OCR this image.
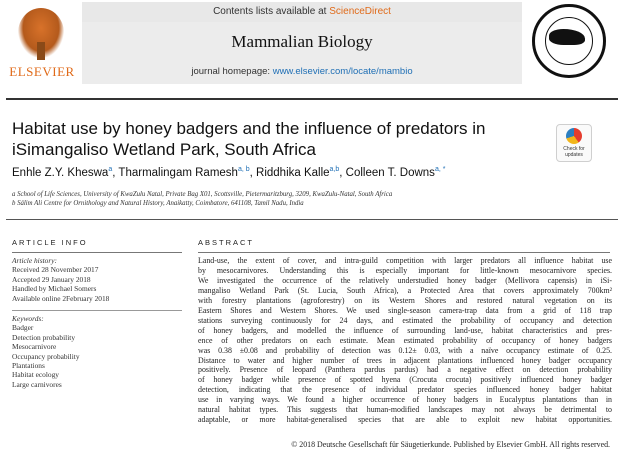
ELSEVIER
Contents lists available at ScienceDirect
Mammalian Biology
journal homepage: www.elsevier.com/locate/mambio
Habitat use by honey badgers and the influence of predators in
iSimangaliso Wetland Park, South Africa	Check for
updates
Enhle Z.Y. Kheswa$^a$, Tharmalingam Ramesh$^{a, b}$, Riddhika Kalle$^{a,b}$, Colleen T. Downs$^{a, *}$
a School of Life Sciences, University of KwaZulu Natal, Private Bag X01, Scottsville, Pietermaritzburg, 3209, KwaZulu-Natal, South Africa
b Sálim Ali Centre for Ornithology and Natural History, Anaikatty, Coimbatore, 641108, Tamil Nadu, India
ARTICLE INFO
Article history:
Received 28 November 2017
Accepted 29 January 2018
Handled by Michael Somers
Available online 2February 2018
Keywords:
Badger
Detection probability
Mesocarnivore
Occupancy probability
Plantations
Habitat ecology
Large carnivores
ABSTRACT
Land-use, the extent of cover, and intra-guild competition with larger predators all influence habitat use
by mesocarnivores. Understanding this is especially important for little-known mesocarnivore species.
We investigated the occurrence of the relatively understudied honey badger (Mellivora capensis) in iSi-
mangaliso Wetland Park (St. Lucia, South Africa), a Protected Area that covers approximately 700km²
with forestry plantations (agroforestry) on its Western Shores and restored natural vegetation on its
Eastern Shores and Western Shores. We used single-season camera-trap data from a grid of 118 trap
stations surveying continuously for 24 days, and estimated the probability of occupancy and detection
of honey badgers, and modelled the influence of surrounding land-use, habitat characteristics and pres-
ence of other predators on each estimate. Mean estimated probability of occupancy of honey badgers
was 0.38 ±0.08 and probability of detection was 0.12± 0.03, with a naïve occupancy estimate of 0.25.
Distance to water and higher number of trees in adjacent plantations influenced honey badger occupancy
positively. Presence of leopard (Panthera pardus pardus) had a negative effect on detection probability
of honey badger while presence of spotted hyena (Crocuta crocuta) positively influenced honey badger
detection, indicating that the presence of individual predator species influenced honey badger habitat
use in varying ways. We found a higher occurrence of honey badgers in Eucalyptus plantations than in
natural habitat types. This suggests that human-modified landscapes may not always be detrimental to
adaptable, or more habitat-generalised species that are able to exploit new habitat opportunities.
© 2018 Deutsche Gesellschaft für Säugetierkunde. Published by Elsevier GmbH. All rights reserved.
